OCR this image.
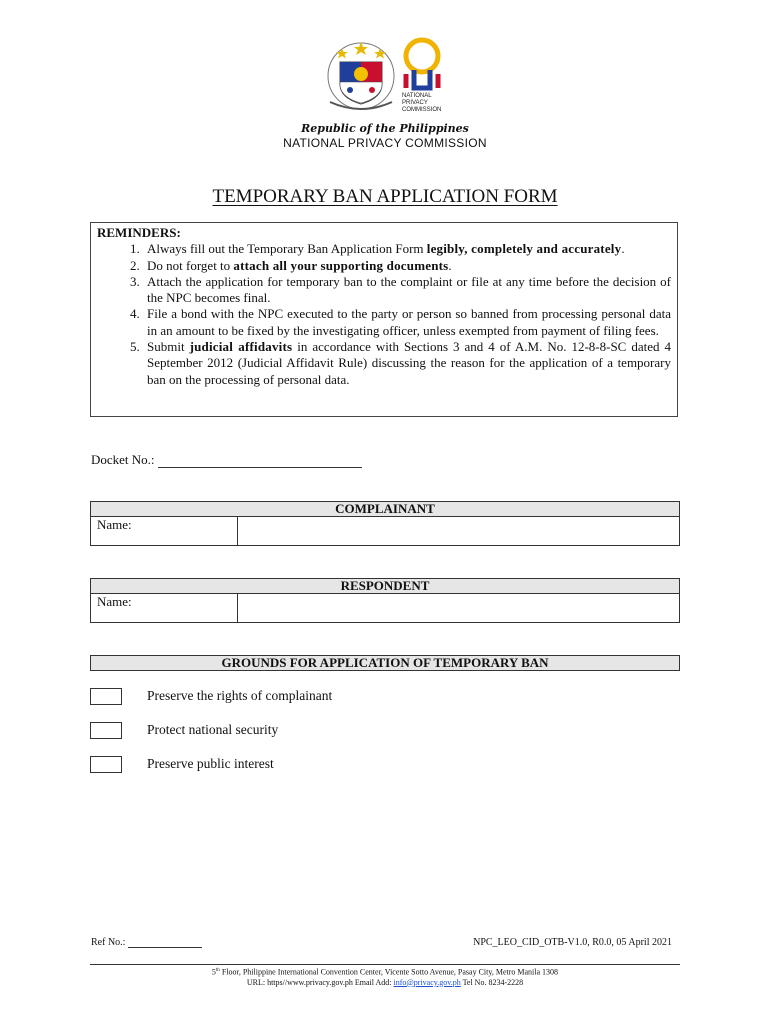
NATIONAL
PRIVACY
COMMISSION
Republic of the Philippines
NATIONAL PRIVACY COMMISSION
TEMPORARY BAN APPLICATION FORM
REMINDERS:
1. Always fill out the Temporary Ban Application Form legibly, completely and accurately.
2. Do not forget to attach all your supporting documents.
3. Attach the application for temporary ban to the complaint or file at any time before the decision of the NPC becomes final.
4. File a bond with the NPC executed to the party or person so banned from processing personal data in an amount to be fixed by the investigating officer, unless exempted from payment of filing fees.
5. Submit judicial affidavits in accordance with Sections 3 and 4 of A.M. No. 12-8-8-SC dated 4 September 2012 (Judicial Affidavit Rule) discussing the reason for the application of a temporary ban on the processing of personal data.
Docket No.:
COMPLAINANT
Name:
RESPONDENT
Name:
GROUNDS FOR APPLICATION OF TEMPORARY BAN
Preserve the rights of complainant
Protect national security
Preserve public interest
Ref No.:	NPC_LEO_CID_OTB-V1.0, R0.0, 05 April 2021
5th Floor, Philippine International Convention Center, Vicente Sotto Avenue, Pasay City, Metro Manila 1308
URL: https//www.privacy.gov.ph Email Add: info@privacy.gov.ph Tel No. 8234-2228
